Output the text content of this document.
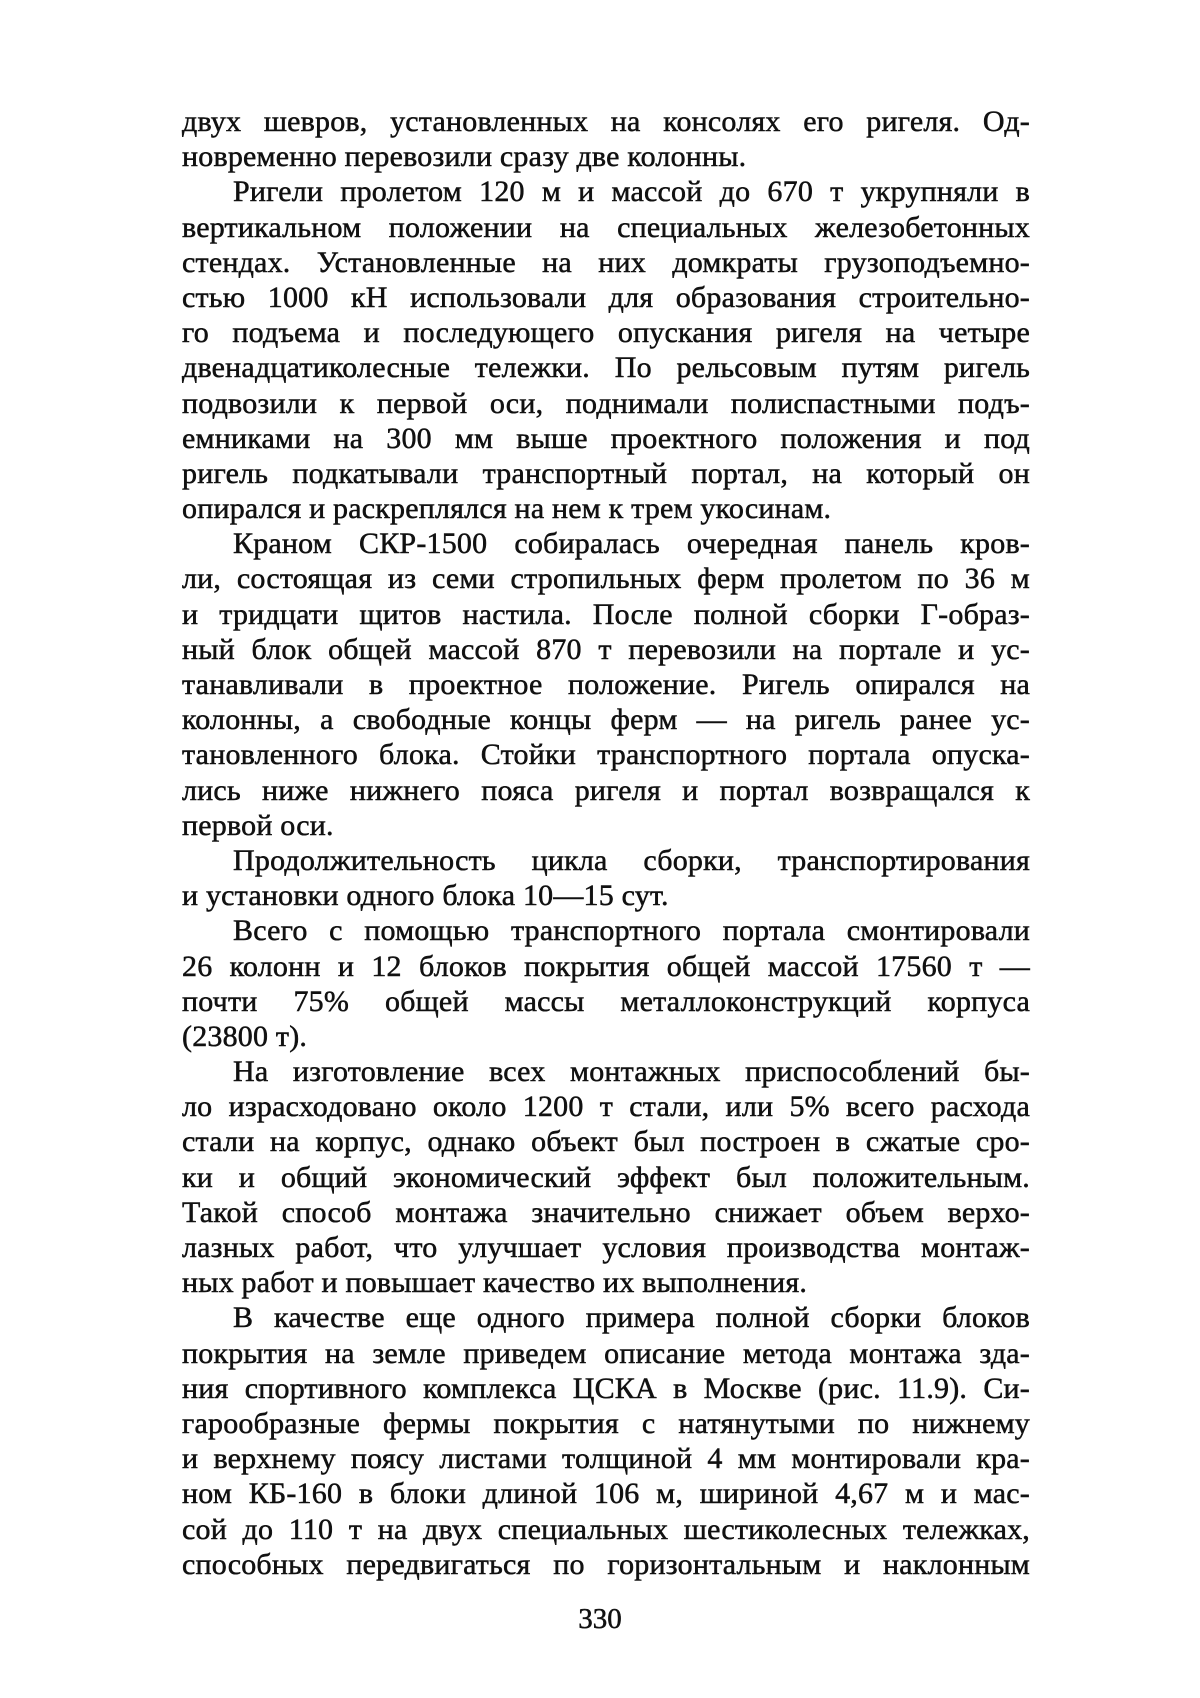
двух шевров, установленных на консолях его ригеля. Од-
новременно перевозили сразу две колонны.
Ригели пролетом 120 м и массой до 670 т укрупняли в
вертикальном положении на специальных железобетонных
стендах. Установленные на них домкраты грузоподъемно-
стью 1000 кН использовали для образования строительно-
го подъема и последующего опускания ригеля на четыре
двенадцатиколесные тележки. По рельсовым путям ригель
подвозили к первой оси, поднимали полиспастными подъ-
емниками на 300 мм выше проектного положения и под
ригель подкатывали транспортный портал, на который он
опирался и раскреплялся на нем к трем укосинам.
Краном СКР-1500 собиралась очередная панель кров-
ли, состоящая из семи стропильных ферм пролетом по 36 м
и тридцати щитов настила. После полной сборки Г-образ-
ный блок общей массой 870 т перевозили на портале и ус-
танавливали в проектное положение. Ригель опирался на
колонны, а свободные концы ферм — на ригель ранее ус-
тановленного блока. Стойки транспортного портала опуска-
лись ниже нижнего пояса ригеля и портал возвращался к
первой оси.
Продолжительность цикла сборки, транспортирования
и установки одного блока 10—15 сут.
Всего с помощью транспортного портала смонтировали
26 колонн и 12 блоков покрытия общей массой 17560 т —
почти 75% общей массы металлоконструкций корпуса
(23800 т).
На изготовление всех монтажных приспособлений бы-
ло израсходовано около 1200 т стали, или 5% всего расхода
стали на корпус, однако объект был построен в сжатые сро-
ки и общий экономический эффект был положительным.
Такой способ монтажа значительно снижает объем верхо-
лазных работ, что улучшает условия производства монтаж-
ных работ и повышает качество их выполнения.
В качестве еще одного примера полной сборки блоков
покрытия на земле приведем описание метода монтажа зда-
ния спортивного комплекса ЦСКА в Москве (рис. 11.9). Си-
гарообразные фермы покрытия с натянутыми по нижнему
и верхнему поясу листами толщиной 4 мм монтировали кра-
ном КБ-160 в блоки длиной 106 м, шириной 4,67 м и мас-
сой до 110 т на двух специальных шестиколесных тележках,
способных передвигаться по горизонтальным и наклонным
330
